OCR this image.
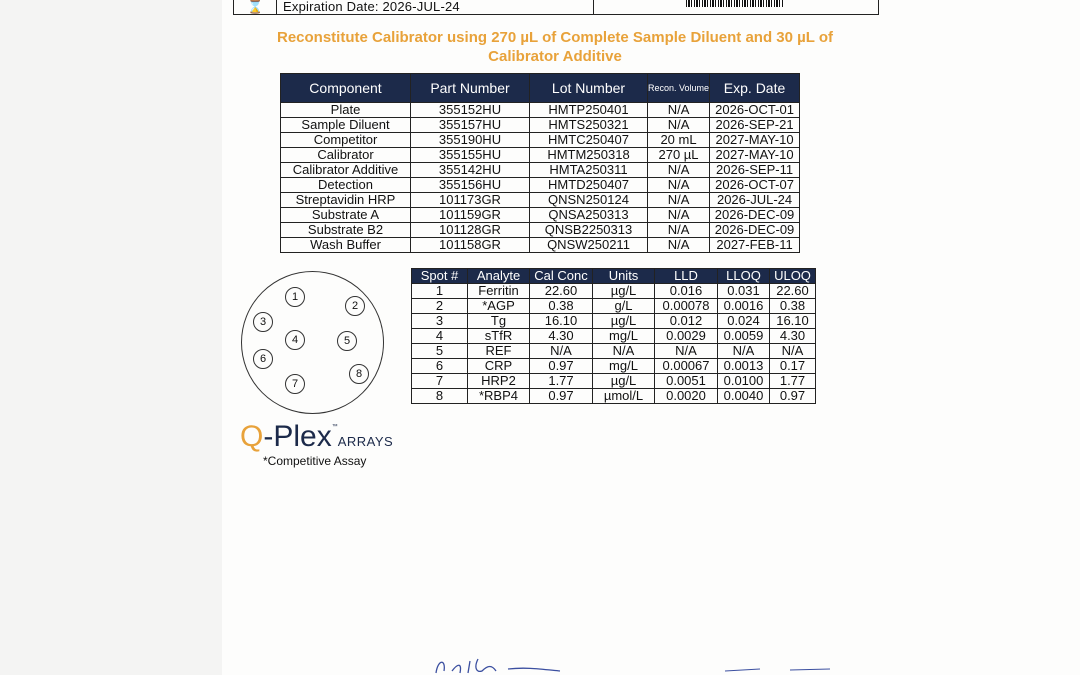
⌛ Expiration Date: 2026-JUL-24
Reconstitute Calibrator using 270 µL of Complete Sample Diluent and 30 µL of Calibrator Additive
Component	Part Number	Lot Number	Recon. Volume	Exp. Date
Plate	355152HU	HMTP250401	N/A	2026-OCT-01
Sample Diluent	355157HU	HMTS250321	N/A	2026-SEP-21
Competitor	355190HU	HMTC250407	20 mL	2027-MAY-10
Calibrator	355155HU	HMTM250318	270 µL	2027-MAY-10
Calibrator Additive	355142HU	HMTA250311	N/A	2026-SEP-11
Detection	355156HU	HMTD250407	N/A	2026-OCT-07
Streptavidin HRP	101173GR	QNSN250124	N/A	2026-JUL-24
Substrate A	101159GR	QNSA250313	N/A	2026-DEC-09
Substrate B2	101128GR	QNSB2250313	N/A	2026-DEC-09
Wash Buffer	101158GR	QNSW250211	N/A	2027-FEB-11
1
2
3
4	5
6
7
8
Spot #	Analyte	Cal Conc	Units	LLD	LLOQ	ULOQ
1	Ferritin	22.60	µg/L	0.016	0.031	22.60
2	*AGP	0.38	g/L	0.00078	0.0016	0.38
3	Tg	16.10	µg/L	0.012	0.024	16.10
4	sTfR	4.30	mg/L	0.0029	0.0059	4.30
5	REF	N/A	N/A	N/A	N/A	N/A
6	CRP	0.97	mg/L	0.00067	0.0013	0.17
7	HRP2	1.77	µg/L	0.0051	0.0100	1.77
8	*RBP4	0.97	µmol/L	0.0020	0.0040	0.97
Q-Plex™ARRAYS
*Competitive Assay
